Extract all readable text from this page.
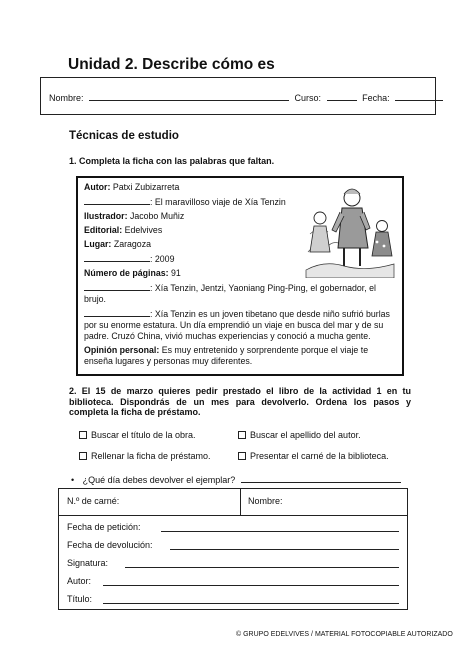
Unidad 2. Describe cómo es
Nombre:	Curso:	Fecha:
Técnicas de estudio
1. Completa la ficha con las palabras que faltan.
Autor: Patxi Zubizarreta
: El maravilloso viaje de Xía Tenzin
Ilustrador: Jacobo Muñiz
Editorial: Edelvives
Lugar: Zaragoza
: 2009
Número de páginas: 91
: Xía Tenzin, Jentzi, Yaoniang Ping-Ping, el gobernador, el brujo.
: Xía Tenzin es un joven tibetano que desde niño sufrió burlas por su enorme estatura. Un día emprendió un viaje en busca del mar y de su padre. Cruzó China, vivió muchas experiencias y conoció a mucha gente.
Opinión personal: Es muy entretenido y sorprendente porque el viaje te enseña lugares y personas muy diferentes.
2. El 15 de marzo quieres pedir prestado el libro de la actividad 1 en tu biblioteca. Dispondrás de un mes para devolverlo. Ordena los pasos y completa la ficha de préstamo.
Buscar el título de la obra.	Buscar el apellido del autor.
Rellenar la ficha de préstamo.	Presentar el carné de la biblioteca.
• ¿Qué día debes devolver el ejemplar?
N.º de carné:	Nombre:
Fecha de petición:
Fecha de devolución:
Signatura:
Autor:
Título:
© GRUPO EDELVIVES / MATERIAL FOTOCOPIABLE AUTORIZADO
